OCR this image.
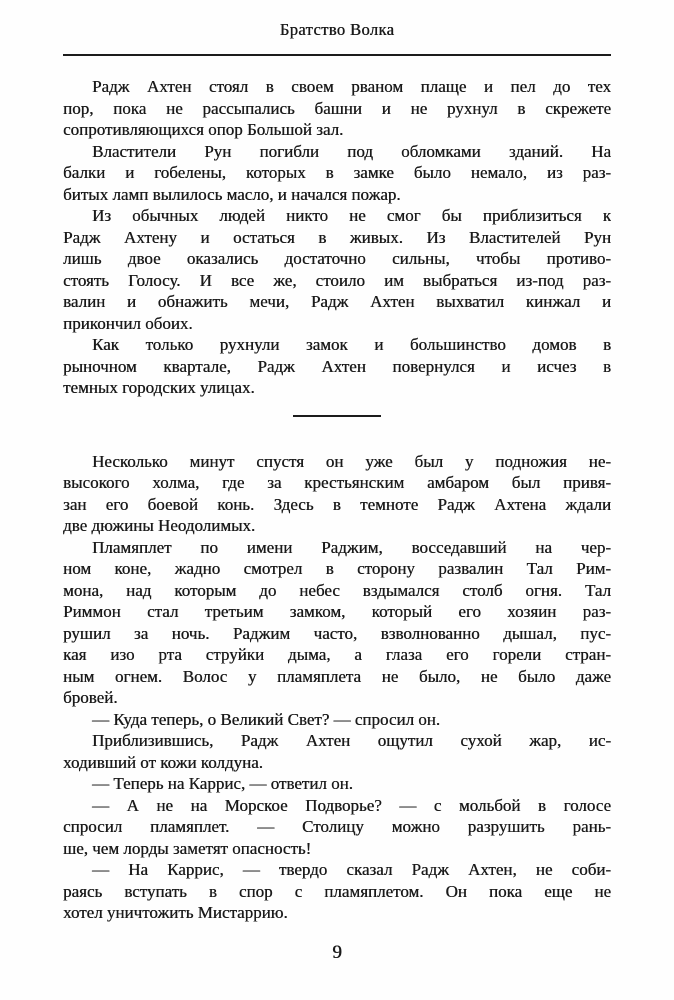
Братство Волка
Радж Ахтен стоял в своем рваном плаще и пел до тех
пор, пока не рассыпались башни и не рухнул в скрежете
сопротивляющихся опор Большой зал.
Властители Рун погибли под обломками зданий. На
балки и гобелены, которых в замке было немало, из раз-
битых ламп вылилось масло, и начался пожар.
Из обычных людей никто не смог бы приблизиться к
Радж Ахтену и остаться в живых. Из Властителей Рун
лишь двое оказались достаточно сильны, чтобы противо-
стоять Голосу. И все же, стоило им выбраться из-под раз-
валин и обнажить мечи, Радж Ахтен выхватил кинжал и
прикончил обоих.
Как только рухнули замок и большинство домов в
рыночном квартале, Радж Ахтен повернулся и исчез в
темных городских улицах.
Несколько минут спустя он уже был у подножия не-
высокого холма, где за крестьянским амбаром был привя-
зан его боевой конь. Здесь в темноте Радж Ахтена ждали
две дюжины Неодолимых.
Пламяплет по имени Раджим, восседавший на чер-
ном коне, жадно смотрел в сторону развалин Тал Рим-
мона, над которым до небес вздымался столб огня. Тал
Риммон стал третьим замком, который его хозяин раз-
рушил за ночь. Раджим часто, взволнованно дышал, пус-
кая изо рта струйки дыма, а глаза его горели стран-
ным огнем. Волос у пламяплета не было, не было даже
бровей.
— Куда теперь, о Великий Свет? — спросил он.
Приблизившись, Радж Ахтен ощутил сухой жар, ис-
ходивший от кожи колдуна.
— Теперь на Каррис, — ответил он.
— А не на Морское Подворье? — с мольбой в голосе
спросил пламяплет. — Столицу можно разрушить рань-
ше, чем лорды заметят опасность!
— На Каррис, — твердо сказал Радж Ахтен, не соби-
раясь вступать в спор с пламяплетом. Он пока еще не
хотел уничтожить Мистаррию.
9
